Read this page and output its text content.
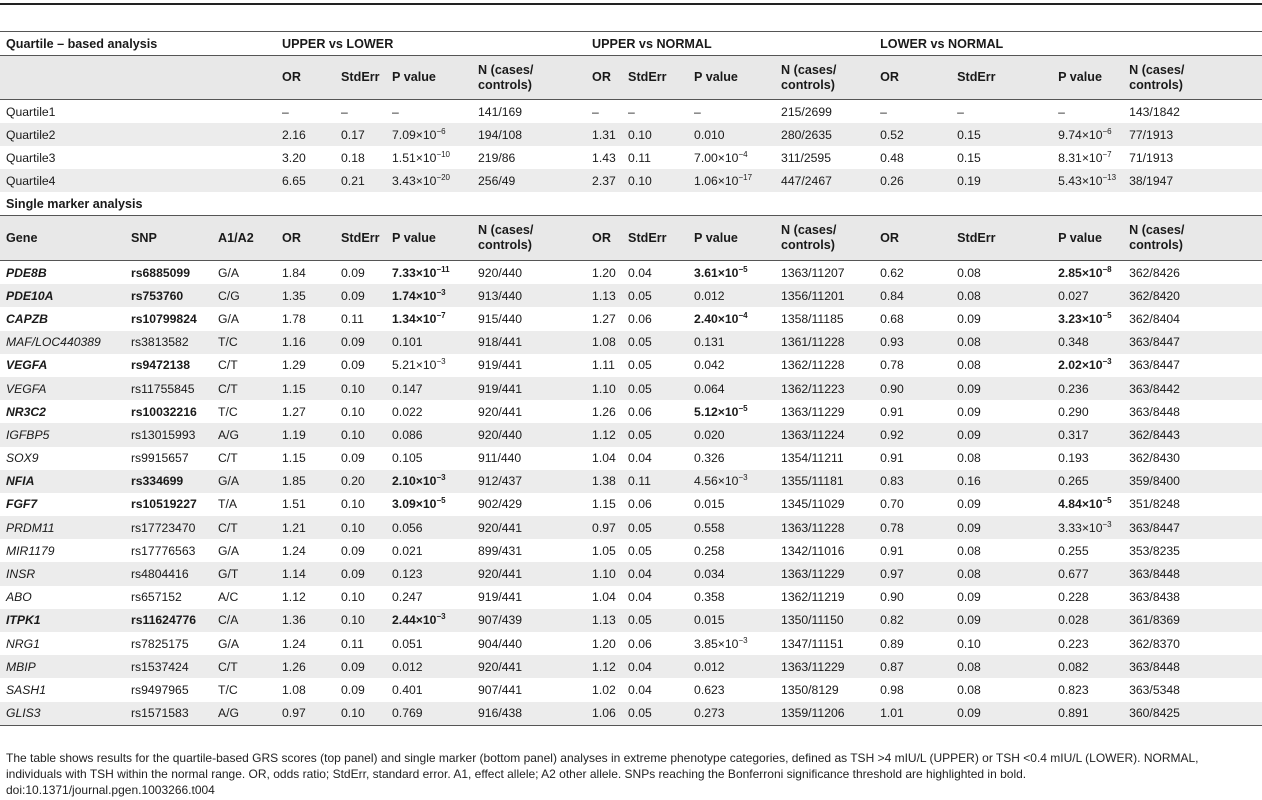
Quartile – based analysis			UPPER vs LOWER				UPPER vs NORMAL				LOWER vs NORMAL			
			OR	StdErr	P value	N (cases/
controls)	OR	StdErr	P value	N (cases/
controls)	OR	StdErr	P value	N (cases/
controls)
Quartile1			–	–	–	141/169	–	–	–	215/2699	–	–	–	143/1842
Quartile2			2.16	0.17	$7.09\times 10^{-6}$	194/108	1.31	0.10	0.010	280/2635	0.52	0.15	$9.74\times 10^{-6}$	77/1913
Quartile3			3.20	0.18	$1.51\times 10^{-10}$	219/86	1.43	0.11	$7.00\times 10^{-4}$	311/2595	0.48	0.15	$8.31\times 10^{-7}$	71/1913
Quartile4			6.65	0.21	$3.43\times 10^{-20}$	256/49	2.37	0.10	$1.06\times 10^{-17}$	447/2467	0.26	0.19	$5.43\times 10^{-13}$	38/1947
Single marker analysis														
Gene	SNP	A1/A2	OR	StdErr	P value	N (cases/
controls)	OR	StdErr	P value	N (cases/
controls)	OR	StdErr	P value	N (cases/
controls)
PDE8B	rs6885099	G/A	1.84	0.09	$7.33\times 10^{-11}$	920/440	1.20	0.04	$3.61\times 10^{-5}$	1363/11207	0.62	0.08	$2.85\times 10^{-8}$	362/8426
PDE10A	rs753760	C/G	1.35	0.09	$1.74\times 10^{-3}$	913/440	1.13	0.05	0.012	1356/11201	0.84	0.08	0.027	362/8420
CAPZB	rs10799824	G/A	1.78	0.11	$1.34\times 10^{-7}$	915/440	1.27	0.06	$2.40\times 10^{-4}$	1358/11185	0.68	0.09	$3.23\times 10^{-5}$	362/8404
MAF/LOC440389	rs3813582	T/C	1.16	0.09	0.101	918/441	1.08	0.05	0.131	1361/11228	0.93	0.08	0.348	363/8447
VEGFA	rs9472138	C/T	1.29	0.09	$5.21\times 10^{-3}$	919/441	1.11	0.05	0.042	1362/11228	0.78	0.08	$2.02\times 10^{-3}$	363/8447
VEGFA	rs11755845	C/T	1.15	0.10	0.147	919/441	1.10	0.05	0.064	1362/11223	0.90	0.09	0.236	363/8442
NR3C2	rs10032216	T/C	1.27	0.10	0.022	920/441	1.26	0.06	$5.12\times 10^{-5}$	1363/11229	0.91	0.09	0.290	363/8448
IGFBP5	rs13015993	A/G	1.19	0.10	0.086	920/440	1.12	0.05	0.020	1363/11224	0.92	0.09	0.317	362/8443
SOX9	rs9915657	C/T	1.15	0.09	0.105	911/440	1.04	0.04	0.326	1354/11211	0.91	0.08	0.193	362/8430
NFIA	rs334699	G/A	1.85	0.20	$2.10\times 10^{-3}$	912/437	1.38	0.11	$4.56\times 10^{-3}$	1355/11181	0.83	0.16	0.265	359/8400
FGF7	rs10519227	T/A	1.51	0.10	$3.09\times 10^{-5}$	902/429	1.15	0.06	0.015	1345/11029	0.70	0.09	$4.84\times 10^{-5}$	351/8248
PRDM11	rs17723470	C/T	1.21	0.10	0.056	920/441	0.97	0.05	0.558	1363/11228	0.78	0.09	$3.33\times 10^{-3}$	363/8447
MIR1179	rs17776563	G/A	1.24	0.09	0.021	899/431	1.05	0.05	0.258	1342/11016	0.91	0.08	0.255	353/8235
INSR	rs4804416	G/T	1.14	0.09	0.123	920/441	1.10	0.04	0.034	1363/11229	0.97	0.08	0.677	363/8448
ABO	rs657152	A/C	1.12	0.10	0.247	919/441	1.04	0.04	0.358	1362/11219	0.90	0.09	0.228	363/8438
ITPK1	rs11624776	C/A	1.36	0.10	$2.44\times 10^{-3}$	907/439	1.13	0.05	0.015	1350/11150	0.82	0.09	0.028	361/8369
NRG1	rs7825175	G/A	1.24	0.11	0.051	904/440	1.20	0.06	$3.85\times 10^{-3}$	1347/11151	0.89	0.10	0.223	362/8370
MBIP	rs1537424	C/T	1.26	0.09	0.012	920/441	1.12	0.04	0.012	1363/11229	0.87	0.08	0.082	363/8448
SASH1	rs9497965	T/C	1.08	0.09	0.401	907/441	1.02	0.04	0.623	1350/8129	0.98	0.08	0.823	363/5348
GLIS3	rs1571583	A/G	0.97	0.10	0.769	916/438	1.06	0.05	0.273	1359/11206	1.01	0.09	0.891	360/8425
The table shows results for the quartile-based GRS scores (top panel) and single marker (bottom panel) analyses in extreme phenotype categories, defined as TSH >4 mIU/L (UPPER) or TSH <0.4 mIU/L (LOWER). NORMAL, individuals with TSH within the normal range. OR, odds ratio; StdErr, standard error. A1, effect allele; A2 other allele. SNPs reaching the Bonferroni significance threshold are highlighted in bold.
doi:10.1371/journal.pgen.1003266.t004
